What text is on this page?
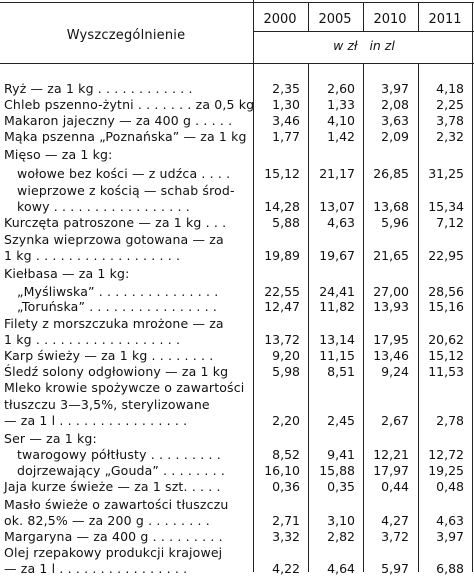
Wyszczególnienie
2000	2005	2010	2011
w zł in zl
Ryż — za 1 kg . . . . . . . . . . . .	2,35	2,60	3,97	4,18
Chleb pszenno-żytni . . . . . . . za 0,5 kg	1,30	1,33	2,08	2,25
Makaron jajeczny — za 400 g . . . . .	3,46	4,10	3,63	3,78
Mąka pszenna „Poznańska” — za 1 kg	1,77	1,42	2,09	2,32
Mięso — za 1 kg:
wołowe bez kości — z udźca . . . .	15,12	21,17	26,85	31,25
wieprzowe z kością — schab środ-
kowy . . . . . . . . . . . . . . . . .	14,28	13,07	13,68	15,34
Kurczęta patroszone — za 1 kg . . .	5,88	4,63	5,96	7,12
Szynka wieprzowa gotowana — za
1 kg . . . . . . . . . . . . . . . . . .	19,89	19,67	21,65	22,95
Kiełbasa — za 1 kg:
„Myśliwska” . . . . . . . . . . . . . . .	22,55	24,41	27,00	28,56
„Toruńska” . . . . . . . . . . . . . . . .	12,47	11,82	13,93	15,16
Filety z morszczuka mrożone — za
1 kg . . . . . . . . . . . . . . . . . .	13,72	13,14	17,95	20,62
Karp świeży — za 1 kg . . . . . . . .	9,20	11,15	13,46	15,12
Śledź solony odgłowiony — za 1 kg	5,98	8,51	9,24	11,53
Mleko krowie spożywcze o zawartości
tłuszczu 3—3,5%, sterylizowane
— za 1 l . . . . . . . . . . . . . . . .	2,20	2,45	2,67	2,78
Ser — za 1 kg:
twarogowy półtłusty . . . . . . . . .	8,52	9,41	12,21	12,72
dojrzewający „Gouda” . . . . . . . .	16,10	15,88	17,97	19,25
Jaja kurze świeże — za 1 szt. . . . .	0,36	0,35	0,44	0,48
Masło świeże o zawartości tłuszczu
ok. 82,5% — za 200 g . . . . . . . .	2,71	3,10	4,27	4,63
Margaryna — za 400 g . . . . . . . . .	3,32	2,82	3,72	3,97
Olej rzepakowy produkcji krajowej
— za 1 l . . . . . . . . . . . . . . . .	4,22	4,64	5,97	6,88
